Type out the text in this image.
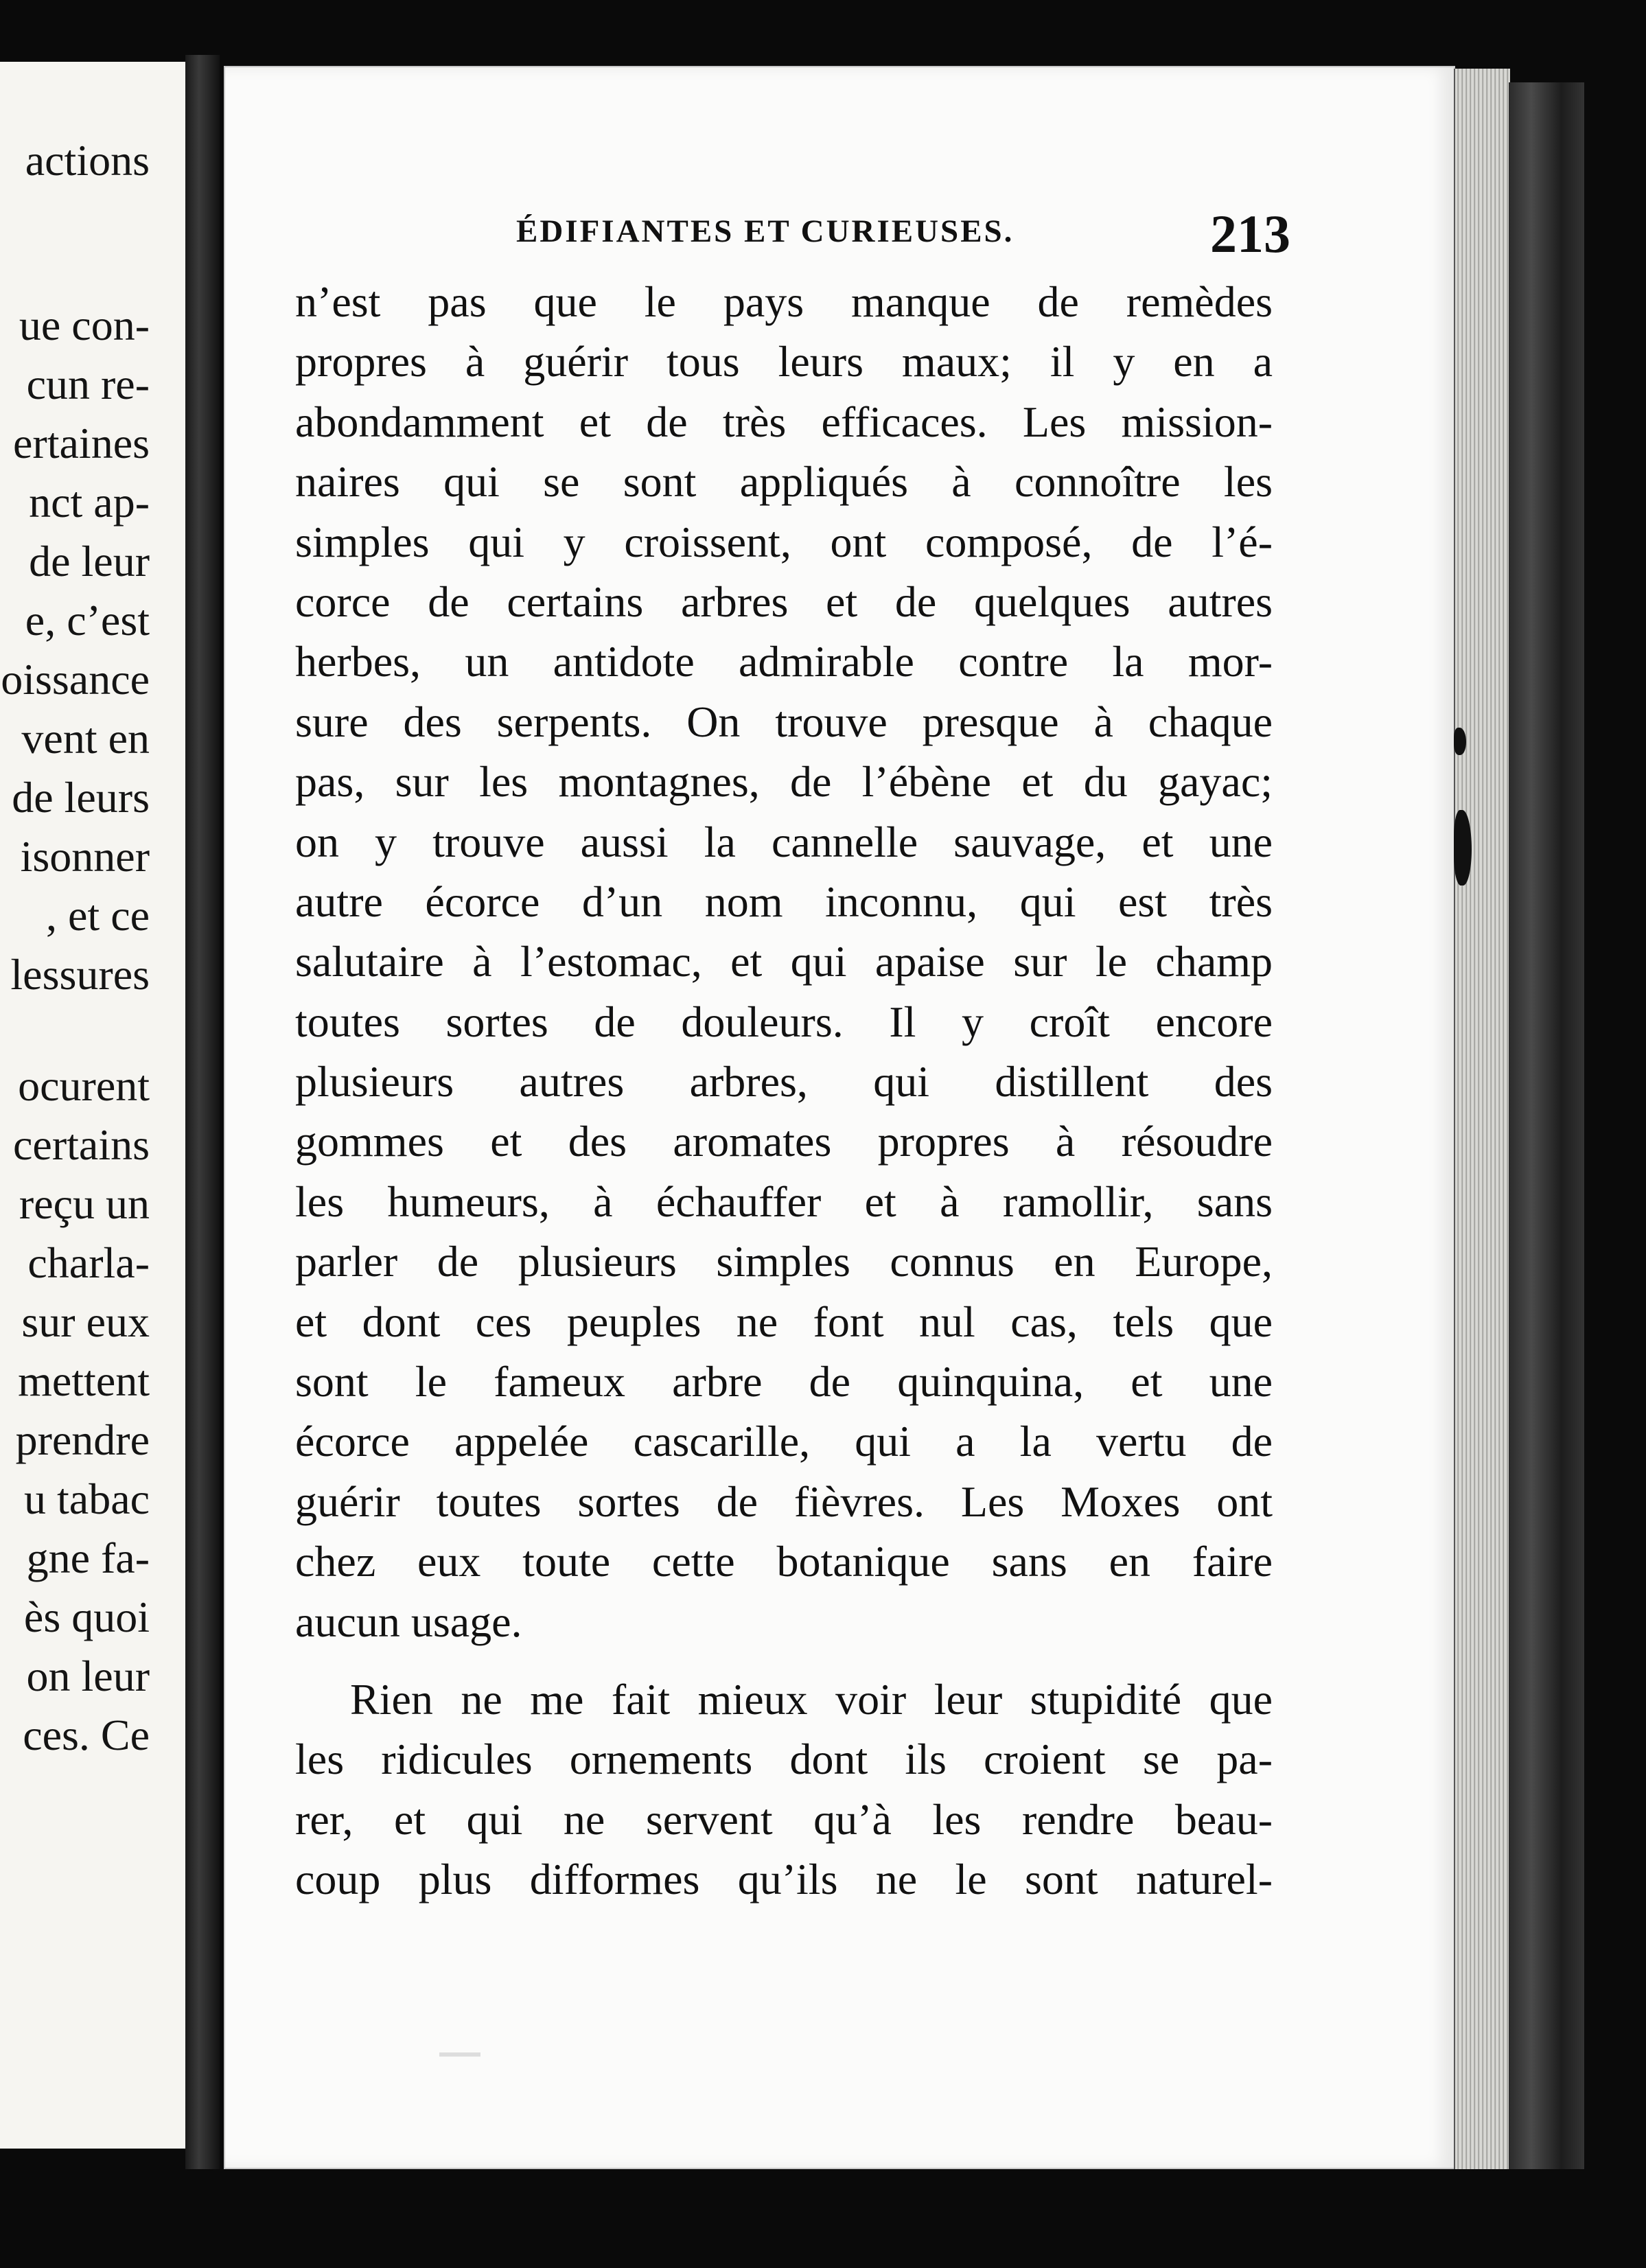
actions
ue con-
cun re-
ertaines
nct ap-
de leur
e, c’est
oissance
vent en
de leurs
isonner
, et ce
lessures
ocurent
certains
reçu un
charla-
sur eux
mettent
prendre
u tabac
gne fa-
ès quoi
on leur
ces. Ce
ÉDIFIANTES ET CURIEUSES.	213
n’est pas que le pays manque de remèdes
propres à guérir tous leurs maux; il y en a
abondamment et de très efficaces. Les mission-
naires qui se sont appliqués à connoître les
simples qui y croissent, ont composé, de l’é-
corce de certains arbres et de quelques autres
herbes, un antidote admirable contre la mor-
sure des serpents. On trouve presque à chaque
pas, sur les montagnes, de l’ébène et du gayac;
on y trouve aussi la cannelle sauvage, et une
autre écorce d’un nom inconnu, qui est très
salutaire à l’estomac, et qui apaise sur le champ
toutes sortes de douleurs. Il y croît encore
plusieurs autres arbres, qui distillent des
gommes et des aromates propres à résoudre
les humeurs, à échauffer et à ramollir, sans
parler de plusieurs simples connus en Europe,
et dont ces peuples ne font nul cas, tels que
sont le fameux arbre de quinquina, et une
écorce appelée cascarille, qui a la vertu de
guérir toutes sortes de fièvres. Les Moxes ont
chez eux toute cette botanique sans en faire
aucun usage.
Rien ne me fait mieux voir leur stupidité que
les ridicules ornements dont ils croient se pa-
rer, et qui ne servent qu’à les rendre beau-
coup plus difformes qu’ils ne le sont naturel-
